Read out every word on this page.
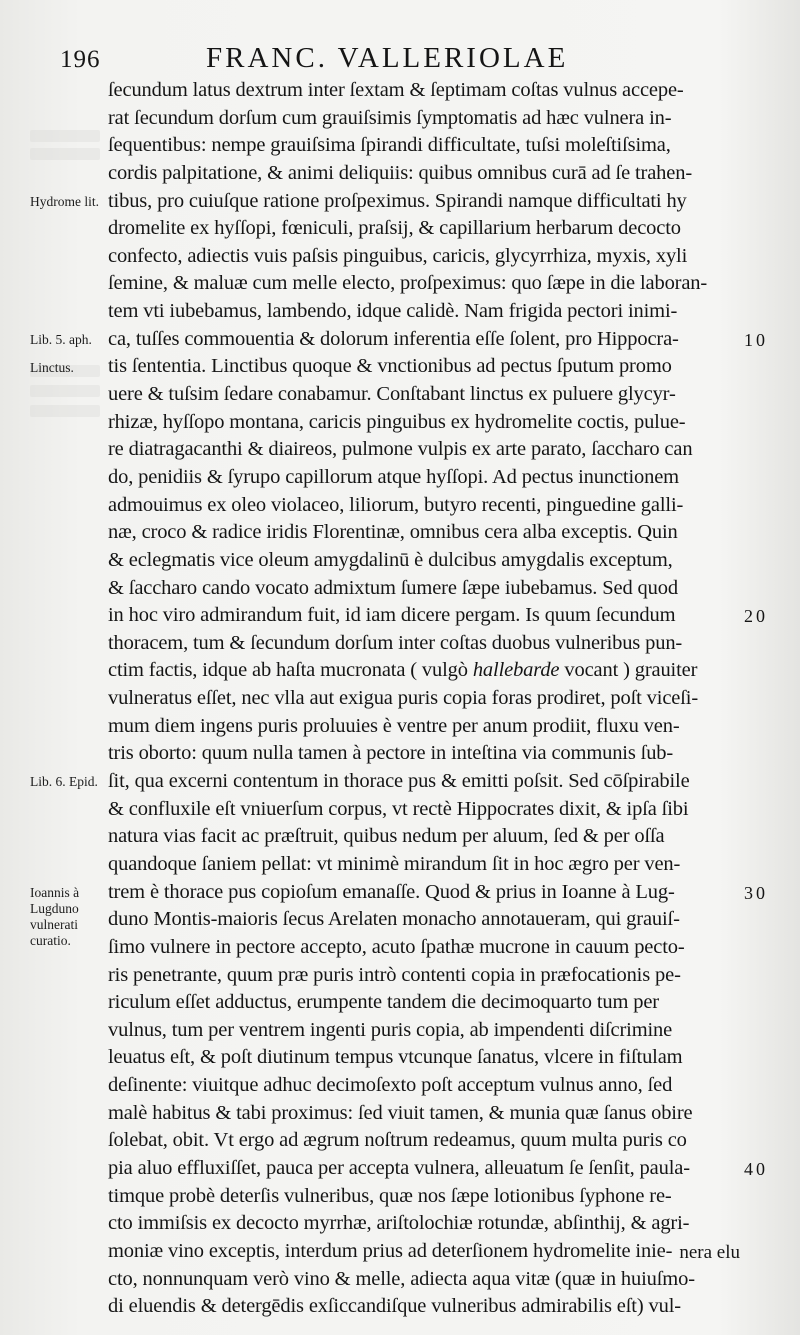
196	FRANC. VALLERIOLAE
ſecundum latus dextrum inter ſextam & ſeptimam coſtas vulnus accepe-
rat ſecundum dorſum cum grauiſsimis ſymptomatis ad hæc vulnera in-
ſequentibus: nempe grauiſsima ſpirandi difficultate, tuſsi moleſtiſsima,
cordis palpitatione, & animi deliquiis: quibus omnibus curā ad ſe trahen-
tibus, pro cuiuſque ratione proſpeximus. Spirandi namque difficultati hy
dromelite ex hyſſopi, fœniculi, praſsij, & capillarium herbarum decocto
confecto, adiectis vuis paſsis pinguibus, caricis, glycyrrhiza, myxis, xyli
ſemine, & maluæ cum melle electo, proſpeximus: quo ſæpe in die laboran-
tem vti iubebamus, lambendo, idque calidè. Nam frigida pectori inimi-
ca, tuſſes commouentia & dolorum inferentia eſſe ſolent, pro Hippocra-
tis ſententia. Linctibus quoque & vnctionibus ad pectus ſputum promo
uere & tuſsim ſedare conabamur. Conſtabant linctus ex puluere glycyr-
rhizæ, hyſſopo montana, caricis pinguibus ex hydromelite coctis, pulue-
re diatragacanthi & diaireos, pulmone vulpis ex arte parato, ſaccharo can
do, penidiis & ſyrupo capillorum atque hyſſopi. Ad pectus inunctionem
admouimus ex oleo violaceo, liliorum, butyro recenti, pinguedine galli-
næ, croco & radice iridis Florentinæ, omnibus cera alba exceptis. Quin
& eclegmatis vice oleum amygdalinū è dulcibus amygdalis exceptum,
& ſaccharo cando vocato admixtum ſumere ſæpe iubebamus. Sed quod
in hoc viro admirandum fuit, id iam dicere pergam. Is quum ſecundum
thoracem, tum & ſecundum dorſum inter coſtas duobus vulneribus pun-
ctim factis, idque ab haſta mucronata ( vulgò hallebarde vocant ) grauiter
vulneratus eſſet, nec vlla aut exigua puris copia foras prodiret, poſt viceſi-
mum diem ingens puris proluuies è ventre per anum prodiit, fluxu ven-
tris oborto: quum nulla tamen à pectore in inteſtina via communis ſub-
ſit, qua excerni contentum in thorace pus & emitti poſsit. Sed cōſpirabile
& confluxile eſt vniuerſum corpus, vt rectè Hippocrates dixit, & ipſa ſibi
natura vias facit ac præſtruit, quibus nedum per aluum, ſed & per oſſa
quandoque ſaniem pellat: vt minimè mirandum ſit in hoc ægro per ven-
trem è thorace pus copioſum emanaſſe. Quod & prius in Ioanne à Lug-
duno Montis-maioris ſecus Arelaten monacho annotaueram, qui grauiſ-
ſimo vulnere in pectore accepto, acuto ſpathæ mucrone in cauum pecto-
ris penetrante, quum præ puris intrò contenti copia in præfocationis pe-
riculum eſſet adductus, erumpente tandem die decimoquarto tum per
vulnus, tum per ventrem ingenti puris copia, ab impendenti diſcrimine
leuatus eſt, & poſt diutinum tempus vtcunque ſanatus, vlcere in fiſtulam
deſinente: viuitque adhuc decimoſexto poſt acceptum vulnus anno, ſed
malè habitus & tabi proximus: ſed viuit tamen, & munia quæ ſanus obire
ſolebat, obit. Vt ergo ad ægrum noſtrum redeamus, quum multa puris co
pia aluo effluxiſſet, pauca per accepta vulnera, alleuatum ſe ſenſit, paula-
timque probè deterſis vulneribus, quæ nos ſæpe lotionibus ſyphone re-
cto immiſsis ex decocto myrrhæ, ariſtolochiæ rotundæ, abſinthij, & agri-
moniæ vino exceptis, interdum prius ad deterſionem hydromelite inie-
cto, nonnunquam verò vino & melle, adiecta aqua vitæ (quæ in huiuſmo-
di eluendis & detergēdis exſiccandiſque vulneribus admirabilis eſt) vul-
Hydrome lit.
Lib. 5. aph.
Linctus.
Lib. 6. Epid.
Ioannis à Lugduno vulnerati curatio.
10
20
30
40
nera elu
